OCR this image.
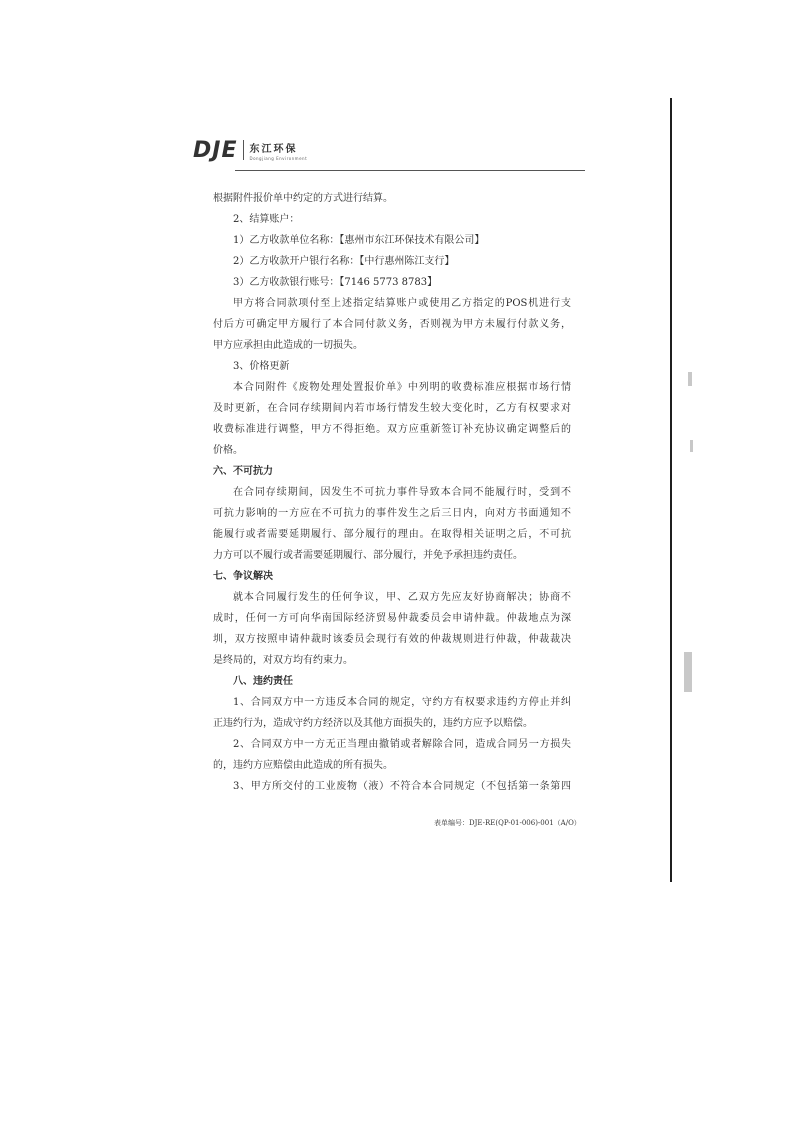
DJE 东江环保
Dongjiang Environment
根据附件报价单中约定的方式进行结算。
2、结算账户：
1）乙方收款单位名称：【惠州市东江环保技术有限公司】
2）乙方收款开户银行名称：【中行惠州陈江支行】
3）乙方收款银行账号：【7146 5773 8783】
甲方将合同款项付至上述指定结算账户或使用乙方指定的POS机进行支
付后方可确定甲方履行了本合同付款义务，否则视为甲方未履行付款义务，
甲方应承担由此造成的一切损失。
3、价格更新
本合同附件《废物处理处置报价单》中列明的收费标准应根据市场行情
及时更新，在合同存续期间内若市场行情发生较大变化时，乙方有权要求对
收费标准进行调整，甲方不得拒绝。双方应重新签订补充协议确定调整后的
价格。
六、不可抗力
在合同存续期间，因发生不可抗力事件导致本合同不能履行时，受到不
可抗力影响的一方应在不可抗力的事件发生之后三日内，向对方书面通知不
能履行或者需要延期履行、部分履行的理由。在取得相关证明之后，不可抗
力方可以不履行或者需要延期履行、部分履行，并免予承担违约责任。
七、争议解决
就本合同履行发生的任何争议，甲、乙双方先应友好协商解决；协商不
成时，任何一方可向华南国际经济贸易仲裁委员会申请仲裁。仲裁地点为深
圳，双方按照申请仲裁时该委员会现行有效的仲裁规则进行仲裁，仲裁裁决
是终局的，对双方均有约束力。
八、违约责任
1、合同双方中一方违反本合同的规定，守约方有权要求违约方停止并纠
正违约行为，造成守约方经济以及其他方面损失的，违约方应予以赔偿。
2、合同双方中一方无正当理由撤销或者解除合同，造成合同另一方损失
的，违约方应赔偿由此造成的所有损失。
3、甲方所交付的工业废物（液）不符合本合同规定（不包括第一条第四
表单编号：DJE-RE(QP-01-006)-001（A/O）
